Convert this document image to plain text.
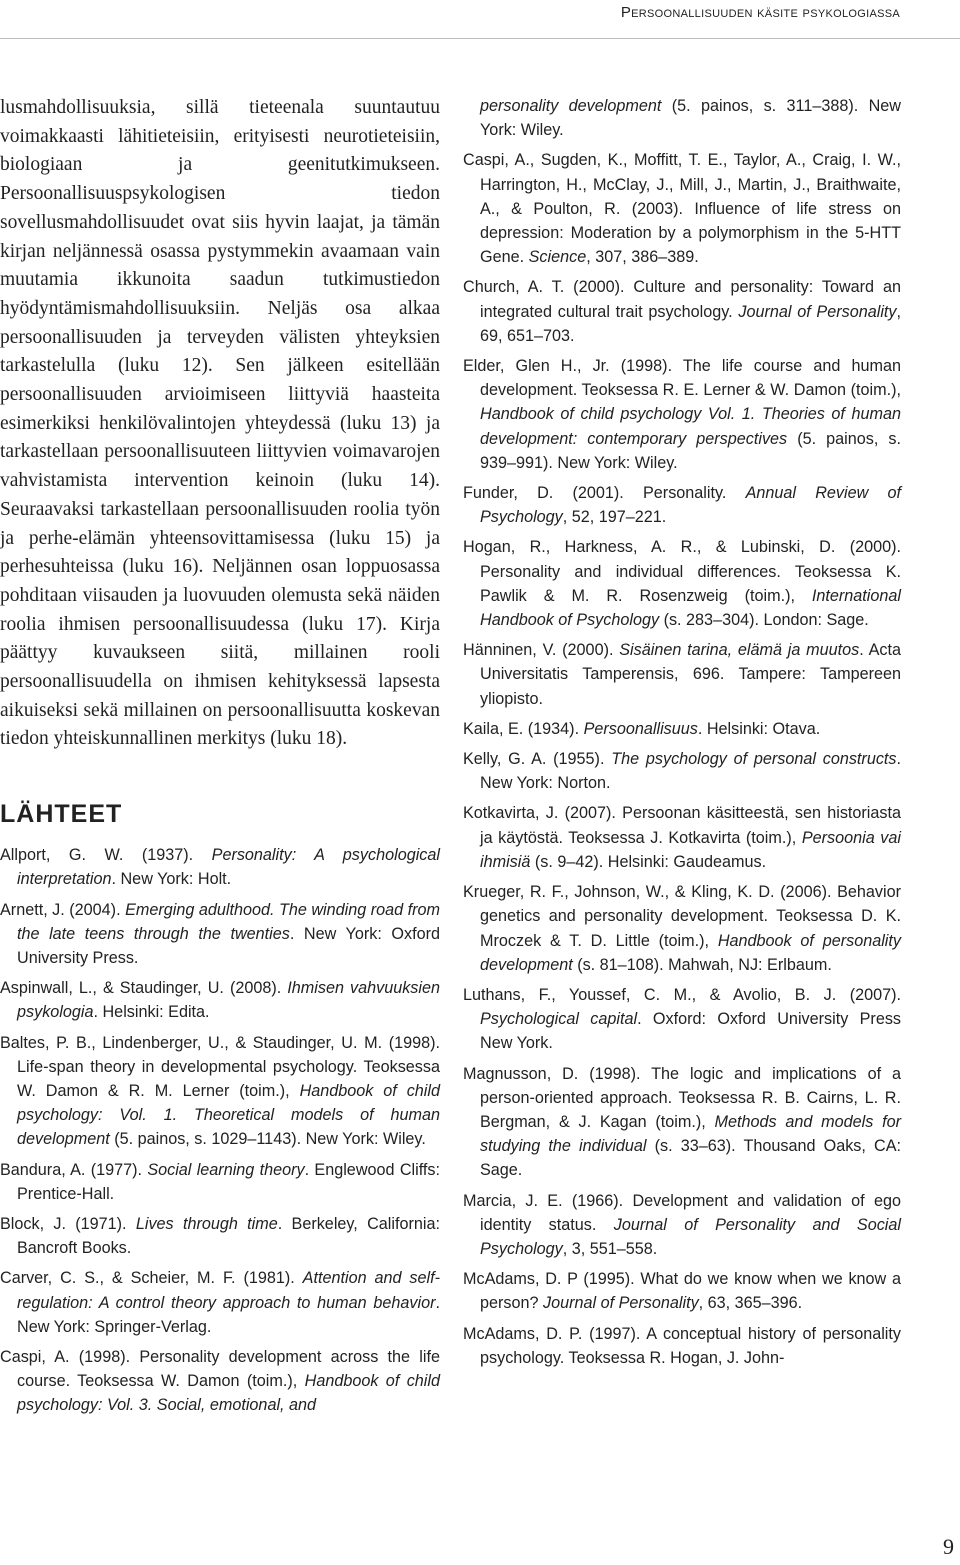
Persoonallisuuden käsite psykologiassa

lusmahdollisuuksia, sillä tieteenala suuntautuu voimakkaasti lähitieteisiin, erityisesti neurotieteisiin, biologiaan ja geenitutkimukseen. Persoonallisuuspsykologisen tiedon sovellusmahdollisuudet ovat siis hyvin laajat, ja tämän kirjan neljännessä osassa pystymmekin avaamaan vain muutamia ikkunoita saadun tutkimustiedon hyödyntämismahdollisuuksiin. Neljäs osa alkaa persoonallisuuden ja terveyden välisten yhteyksien tarkastelulla (luku 12). Sen jälkeen esitellään persoonallisuuden arvioimiseen liittyviä haasteita esimerkiksi henkilövalintojen yhteydessä (luku 13) ja tarkastellaan persoonallisuuteen liittyvien voimavarojen vahvistamista intervention keinoin (luku 14). Seuraavaksi tarkastellaan persoonallisuuden roolia työn ja perhe-elämän yhteensovittamisessa (luku 15) ja perhesuhteissa (luku 16). Neljännen osan loppuosassa pohditaan viisauden ja luovuuden olemusta sekä näiden roolia ihmisen persoonallisuudessa (luku 17). Kirja päättyy kuvaukseen siitä, millainen rooli persoonallisuudella on ihmisen kehityksessä lapsesta aikuiseksi sekä millainen on persoonallisuutta koskevan tiedon yhteiskunnallinen merkitys (luku 18).

LÄHTEET

Allport, G. W. (1937). Personality: A psychological interpretation. New York: Holt.

Arnett, J. (2004). Emerging adulthood. The winding road from the late teens through the twenties. New York: Oxford University Press.

Aspinwall, L., & Staudinger, U. (2008). Ihmisen vahvuuksien psykologia. Helsinki: Edita.

Baltes, P. B., Lindenberger, U., & Staudinger, U. M. (1998). Life-span theory in developmental psychology. Teoksessa W. Damon & R. M. Lerner (toim.), Handbook of child psychology: Vol. 1. Theoretical models of human development (5. painos, s. 1029–1143). New York: Wiley.

Bandura, A. (1977). Social learning theory. Englewood Cliffs: Prentice-Hall.

Block, J. (1971). Lives through time. Berkeley, California: Bancroft Books.

Carver, C. S., & Scheier, M. F. (1981). Attention and self-regulation: A control theory approach to human behavior. New York: Springer-Verlag.

Caspi, A. (1998). Personality development across the life course. Teoksessa W. Damon (toim.), Handbook of child psychology: Vol. 3. Social, emotional, and

personality development (5. painos, s. 311–388). New York: Wiley.

Caspi, A., Sugden, K., Moffitt, T. E., Taylor, A., Craig, I. W., Harrington, H., McClay, J., Mill, J., Martin, J., Braithwaite, A., & Poulton, R. (2003). Influence of life stress on depression: Moderation by a polymorphism in the 5-HTT Gene. Science, 307, 386–389.

Church, A. T. (2000). Culture and personality: Toward an integrated cultural trait psychology. Journal of Personality, 69, 651–703.

Elder, Glen H., Jr. (1998). The life course and human development. Teoksessa R. E. Lerner & W. Damon (toim.), Handbook of child psychology Vol. 1. Theories of human development: contemporary perspectives (5. painos, s. 939–991). New York: Wiley.

Funder, D. (2001). Personality. Annual Review of Psychology, 52, 197–221.

Hogan, R., Harkness, A. R., & Lubinski, D. (2000). Personality and individual differences. Teoksessa K. Pawlik & M. R. Rosenzweig (toim.), International Handbook of Psychology (s. 283–304). London: Sage.

Hänninen, V. (2000). Sisäinen tarina, elämä ja muutos. Acta Universitatis Tamperensis, 696. Tampere: Tampereen yliopisto.

Kaila, E. (1934). Persoonallisuus. Helsinki: Otava.

Kelly, G. A. (1955). The psychology of personal constructs. New York: Norton.

Kotkavirta, J. (2007). Persoonan käsitteestä, sen historiasta ja käytöstä. Teoksessa J. Kotkavirta (toim.), Persoonia vai ihmisiä (s. 9–42). Helsinki: Gaudeamus.

Krueger, R. F., Johnson, W., & Kling, K. D. (2006). Behavior genetics and personality development. Teoksessa D. K. Mroczek & T. D. Little (toim.), Handbook of personality development (s. 81–108). Mahwah, NJ: Erlbaum.

Luthans, F., Youssef, C. M., & Avolio, B. J. (2007). Psychological capital. Oxford: Oxford University Press New York.

Magnusson, D. (1998). The logic and implications of a person-oriented approach. Teoksessa R. B. Cairns, L. R. Bergman, & J. Kagan (toim.), Methods and models for studying the individual (s. 33–63). Thousand Oaks, CA: Sage.

Marcia, J. E. (1966). Development and validation of ego identity status. Journal of Personality and Social Psychology, 3, 551–558.

McAdams, D. P (1995). What do we know when we know a person? Journal of Personality, 63, 365–396.

McAdams, D. P. (1997). A conceptual history of personality psychology. Teoksessa R. Hogan, J. John-

9
